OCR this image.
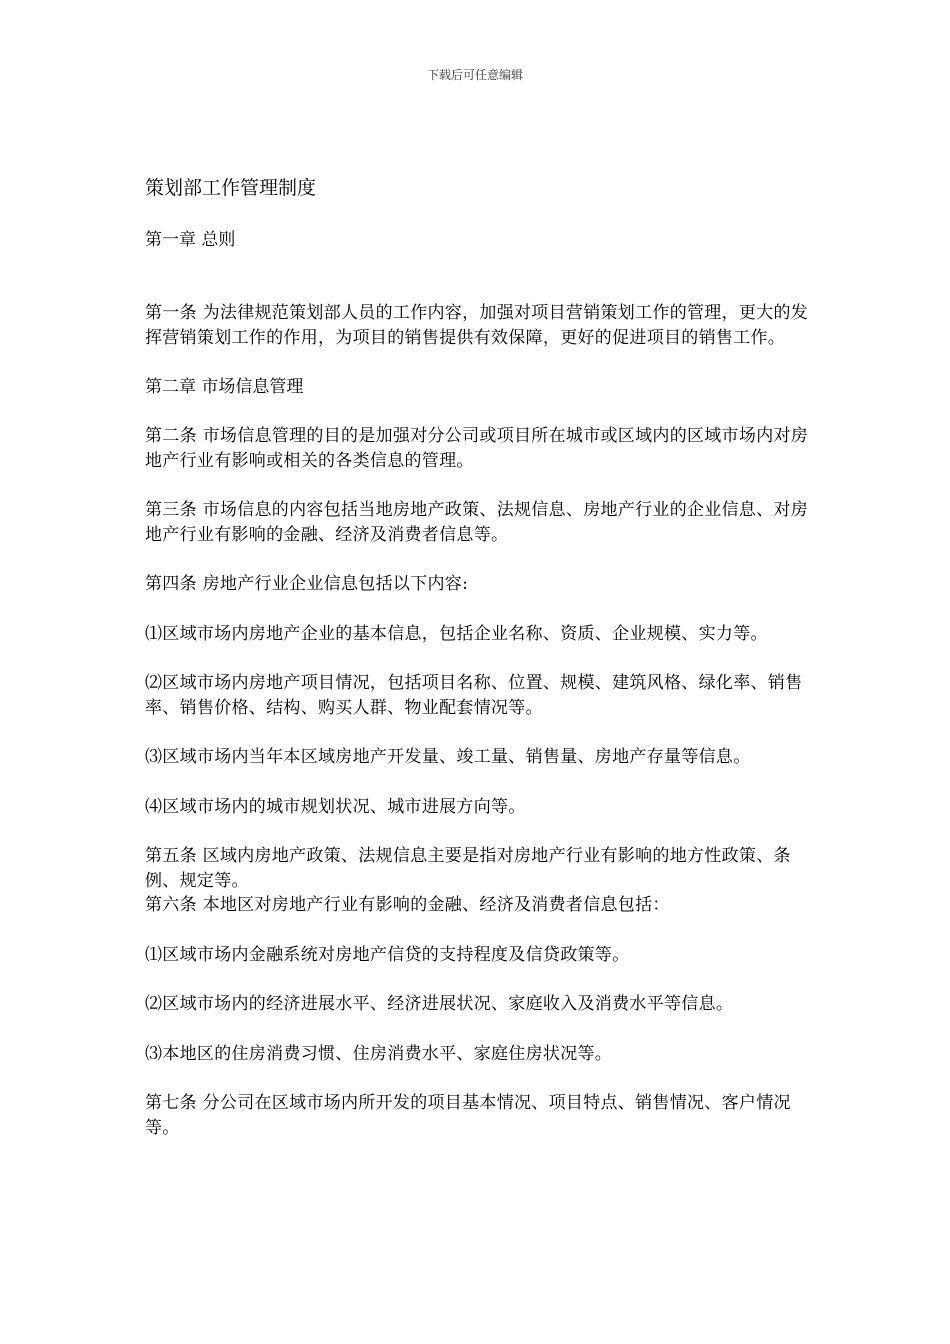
下载后可任意编辑

策划部工作管理制度

第一章 总则

第一条 为法律规范策划部人员的工作内容，加强对项目营销策划工作的管理，更大的发挥营销策划工作的作用，为项目的销售提供有效保障，更好的促进项目的销售工作。

第二章 市场信息管理

第二条 市场信息管理的目的是加强对分公司或项目所在城市或区域内的区域市场内对房地产行业有影响或相关的各类信息的管理。

第三条 市场信息的内容包括当地房地产政策、法规信息、房地产行业的企业信息、对房地产行业有影响的金融、经济及消费者信息等。

第四条 房地产行业企业信息包括以下内容:

⑴区域市场内房地产企业的基本信息，包括企业名称、资质、企业规模、实力等。

⑵区域市场内房地产项目情况，包括项目名称、位置、规模、建筑风格、绿化率、销售率、销售价格、结构、购买人群、物业配套情况等。

⑶区域市场内当年本区域房地产开发量、竣工量、销售量、房地产存量等信息。

⑷区域市场内的城市规划状况、城市进展方向等。

第五条 区域内房地产政策、法规信息主要是指对房地产行业有影响的地方性政策、条例、规定等。

第六条 本地区对房地产行业有影响的金融、经济及消费者信息包括：

⑴区域市场内金融系统对房地产信贷的支持程度及信贷政策等。

⑵区域市场内的经济进展水平、经济进展状况、家庭收入及消费水平等信息。

⑶本地区的住房消费习惯、住房消费水平、家庭住房状况等。

第七条 分公司在区域市场内所开发的项目基本情况、项目特点、销售情况、客户情况等。
